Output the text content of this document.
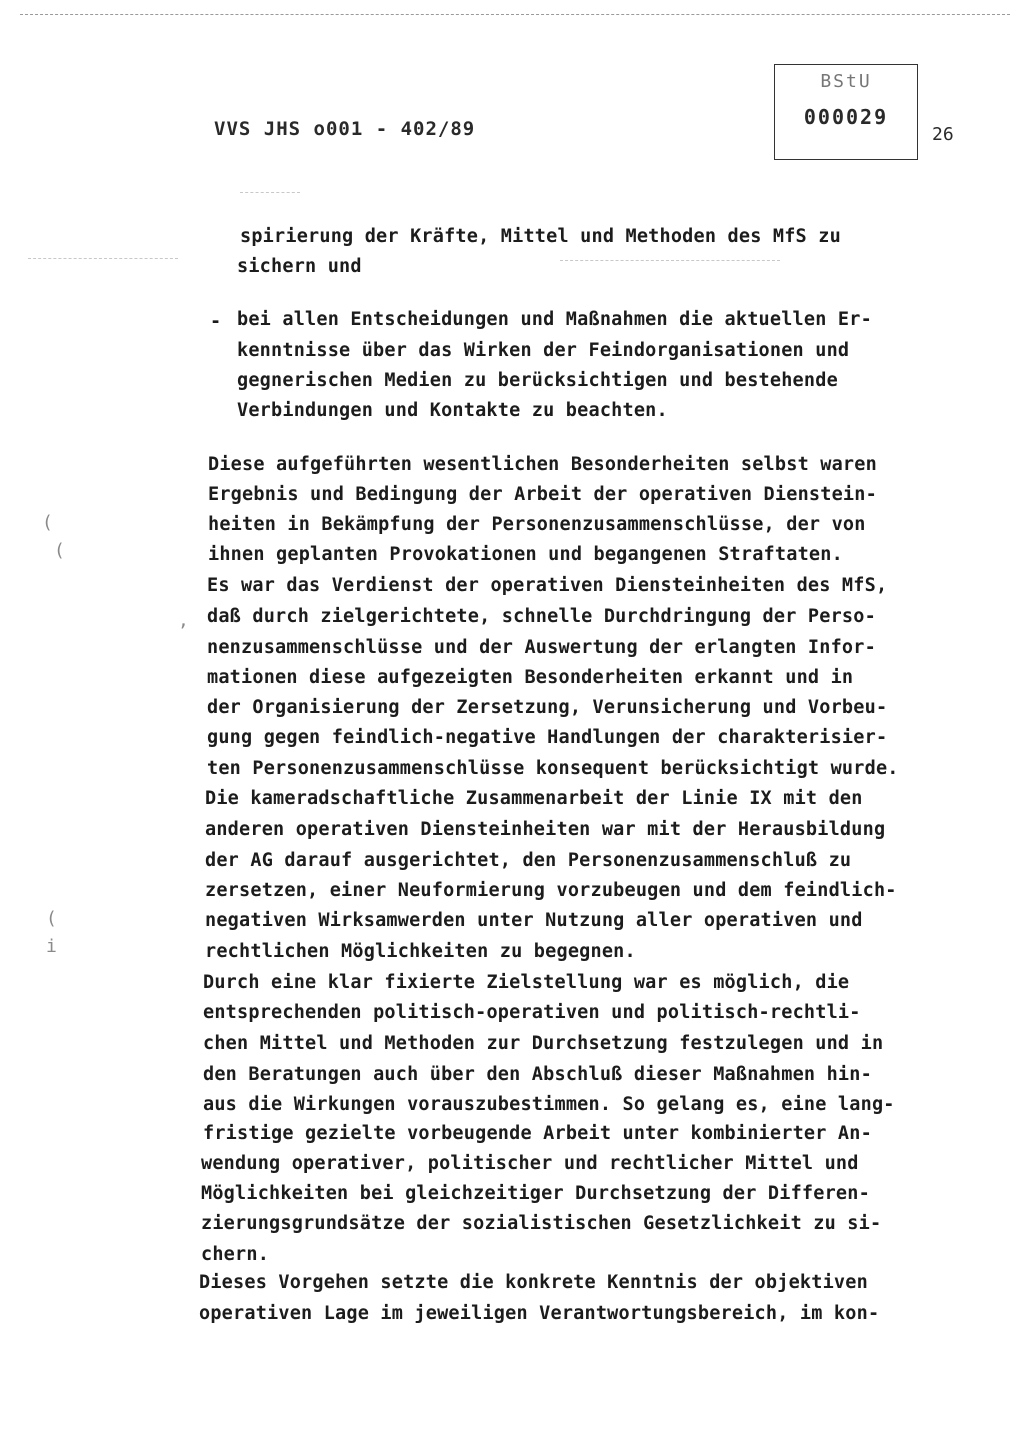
VVS JHS o001 - 402/89
BStU
000029
26
spirierung der Kräfte, Mittel und Methoden des MfS zu
sichern und
- bei allen Entscheidungen und Maßnahmen die aktuellen Er-
kenntnisse über das Wirken der Feindorganisationen und
gegnerischen Medien zu berücksichtigen und bestehende
Verbindungen und Kontakte zu beachten.
(
(
,
(
i
Diese aufgeführten wesentlichen Besonderheiten selbst waren
Ergebnis und Bedingung der Arbeit der operativen Dienstein-
heiten in Bekämpfung der Personenzusammenschlüsse, der von
ihnen geplanten Provokationen und begangenen Straftaten.
Es war das Verdienst der operativen Diensteinheiten des MfS,
daß durch zielgerichtete, schnelle Durchdringung der Perso-
nenzusammenschlüsse und der Auswertung der erlangten Infor-
mationen diese aufgezeigten Besonderheiten erkannt und in
der Organisierung der Zersetzung, Verunsicherung und Vorbeu-
gung gegen feindlich-negative Handlungen der charakterisier-
ten Personenzusammenschlüsse konsequent berücksichtigt wurde.
Die kameradschaftliche Zusammenarbeit der Linie IX mit den
anderen operativen Diensteinheiten war mit der Herausbildung
der AG darauf ausgerichtet, den Personenzusammenschluß zu
zersetzen, einer Neuformierung vorzubeugen und dem feindlich-
negativen Wirksamwerden unter Nutzung aller operativen und
rechtlichen Möglichkeiten zu begegnen.
Durch eine klar fixierte Zielstellung war es möglich, die
entsprechenden politisch-operativen und politisch-rechtli-
chen Mittel und Methoden zur Durchsetzung festzulegen und in
den Beratungen auch über den Abschluß dieser Maßnahmen hin-
aus die Wirkungen vorauszubestimmen. So gelang es, eine lang-
fristige gezielte vorbeugende Arbeit unter kombinierter An-
wendung operativer, politischer und rechtlicher Mittel und
Möglichkeiten bei gleichzeitiger Durchsetzung der Differen-
zierungsgrundsätze der sozialistischen Gesetzlichkeit zu si-
chern.
Dieses Vorgehen setzte die konkrete Kenntnis der objektiven
operativen Lage im jeweiligen Verantwortungsbereich, im kon-
